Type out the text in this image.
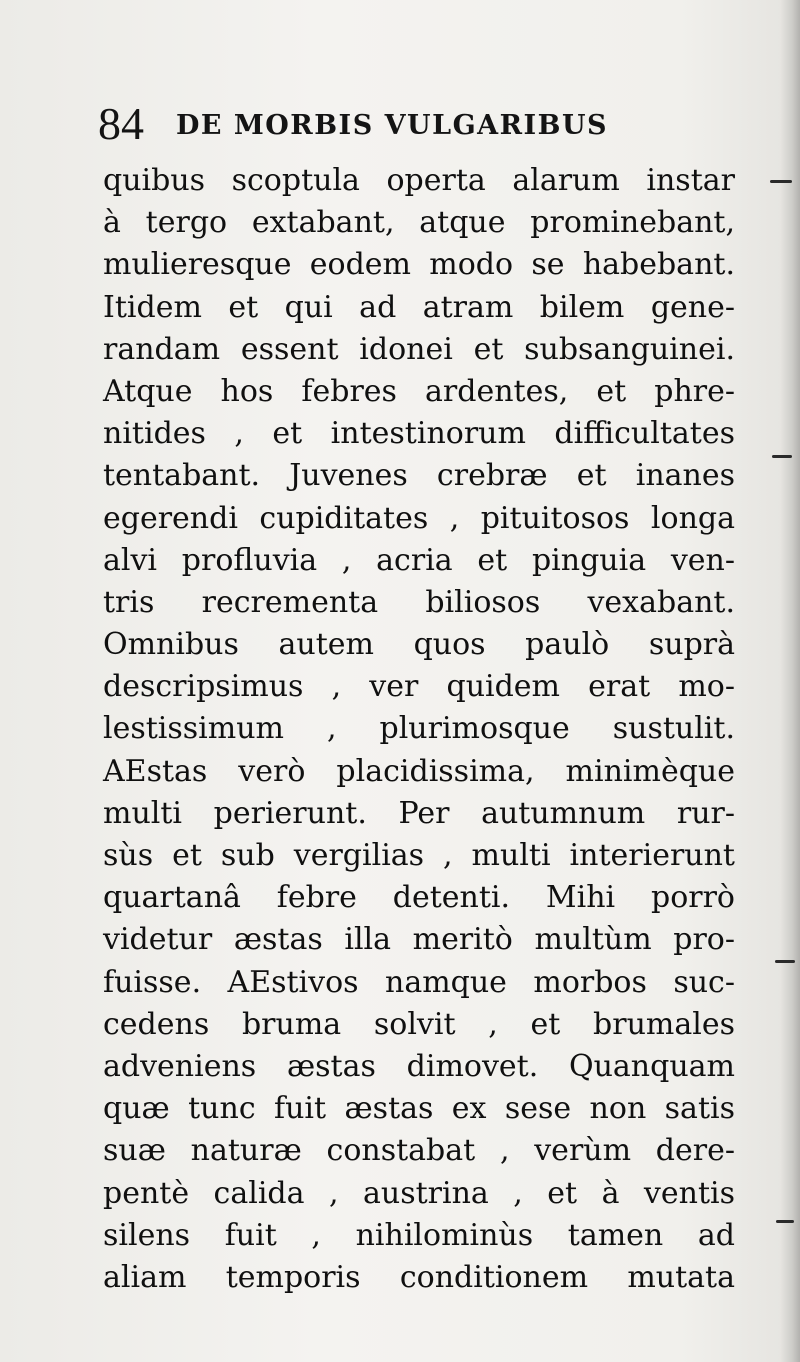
84 DE MORBIS VULGARIBUS
quibus scoptula operta alarum instar
à tergo extabant, atque prominebant,
mulieresque eodem modo se habebant.
Itidem et qui ad atram bilem gene-
randam essent idonei et subsanguinei.
Atque hos febres ardentes, et phre-
nitides , et intestinorum difficultates
tentabant. Juvenes crebræ et inanes
egerendi cupiditates , pituitosos longa
alvi profluvia , acria et pinguia ven-
tris recrementa biliosos vexabant.
Omnibus autem quos paulò suprà
descripsimus , ver quidem erat mo-
lestissimum , plurimosque sustulit.
AEstas verò placidissima, minimèque
multi perierunt. Per autumnum rur-
sùs et sub vergilias , multi interierunt
quartanâ febre detenti. Mihi porrò
videtur æstas illa meritò multùm pro-
fuisse. AEstivos namque morbos suc-
cedens bruma solvit , et brumales
adveniens æstas dimovet. Quanquam
quæ tunc fuit æstas ex sese non satis
suæ naturæ constabat , verùm dere-
pentè calida , austrina , et à ventis
silens fuit , nihilominùs tamen ad
aliam temporis conditionem mutata
